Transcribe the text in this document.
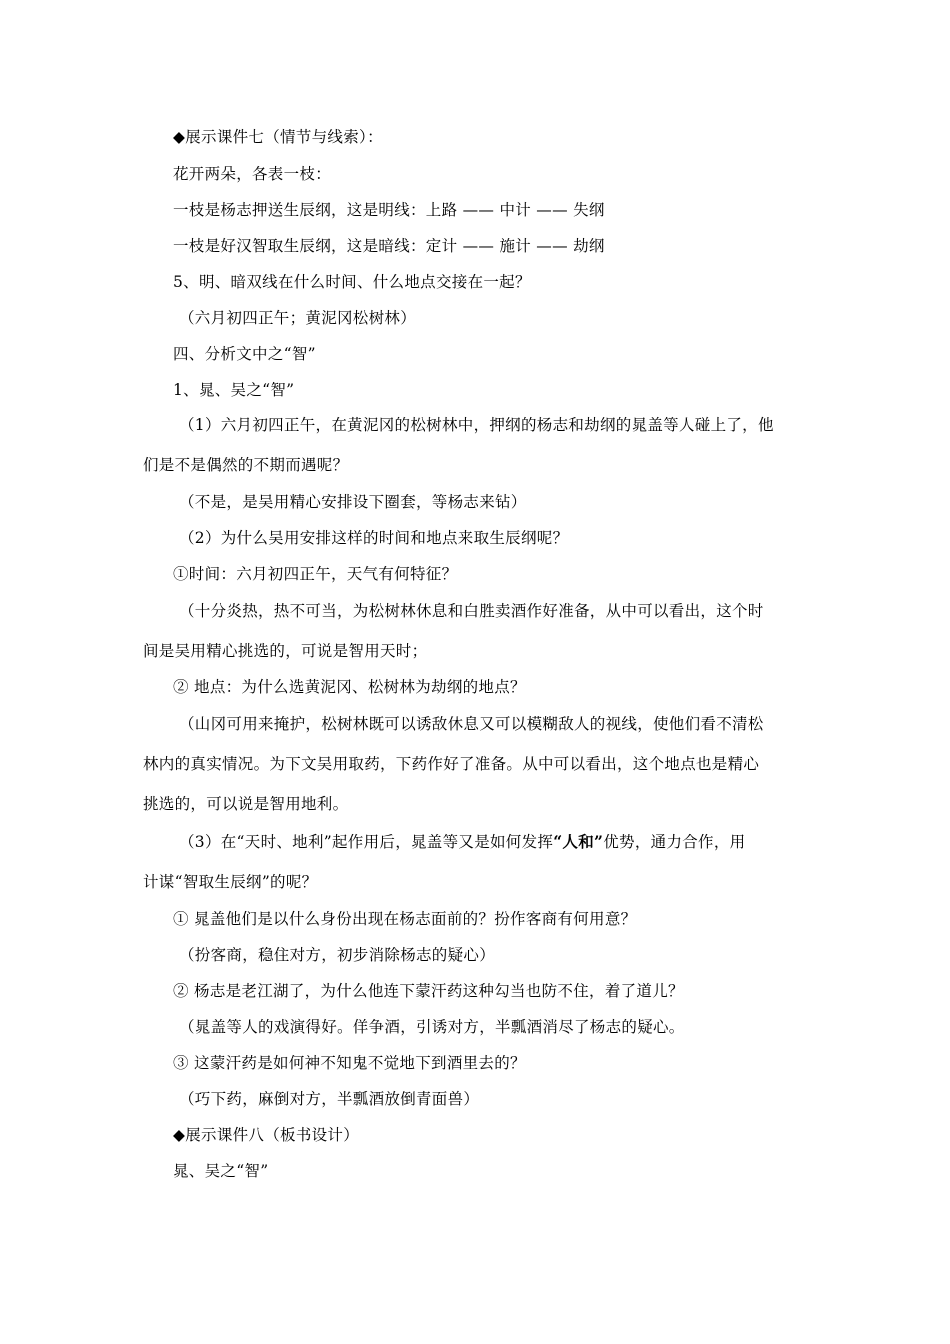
◆展示课件七（情节与线索）：
花开两朵，各表一枝：
一枝是杨志押送生辰纲，这是明线：上路 —— 中计 —— 失纲
一枝是好汉智取生辰纲，这是暗线：定计 —— 施计 —— 劫纲
5、明、暗双线在什么时间、什么地点交接在一起？
（六月初四正午；黄泥冈松树林）
四、分析文中之“智”
1、晁、吴之“智”
（1）六月初四正午，在黄泥冈的松树林中，押纲的杨志和劫纲的晁盖等人碰上了，他
们是不是偶然的不期而遇呢？
（不是，是吴用精心安排设下圈套，等杨志来钻）
（2）为什么吴用安排这样的时间和地点来取生辰纲呢？
①时间：六月初四正午，天气有何特征？
（十分炎热，热不可当，为松树林休息和白胜卖酒作好准备，从中可以看出，这个时
间是吴用精心挑选的，可说是智用天时；
② 地点：为什么选黄泥冈、松树林为劫纲的地点？
（山冈可用来掩护，松树林既可以诱敌休息又可以模糊敌人的视线，使他们看不清松
林内的真实情况。为下文吴用取药，下药作好了准备。从中可以看出，这个地点也是精心
挑选的，可以说是智用地利。
（3）在“天时、地利”起作用后，晁盖等又是如何发挥“人和”优势，通力合作，用
计谋“智取生辰纲”的呢？
① 晁盖他们是以什么身份出现在杨志面前的？扮作客商有何用意？
（扮客商，稳住对方，初步消除杨志的疑心）
② 杨志是老江湖了，为什么他连下蒙汗药这种勾当也防不住，着了道儿？
（晁盖等人的戏演得好。佯争酒，引诱对方，半瓢酒消尽了杨志的疑心。
③ 这蒙汗药是如何神不知鬼不觉地下到酒里去的？
（巧下药，麻倒对方，半瓢酒放倒青面兽）
◆展示课件八（板书设计）
晁、吴之“智”
